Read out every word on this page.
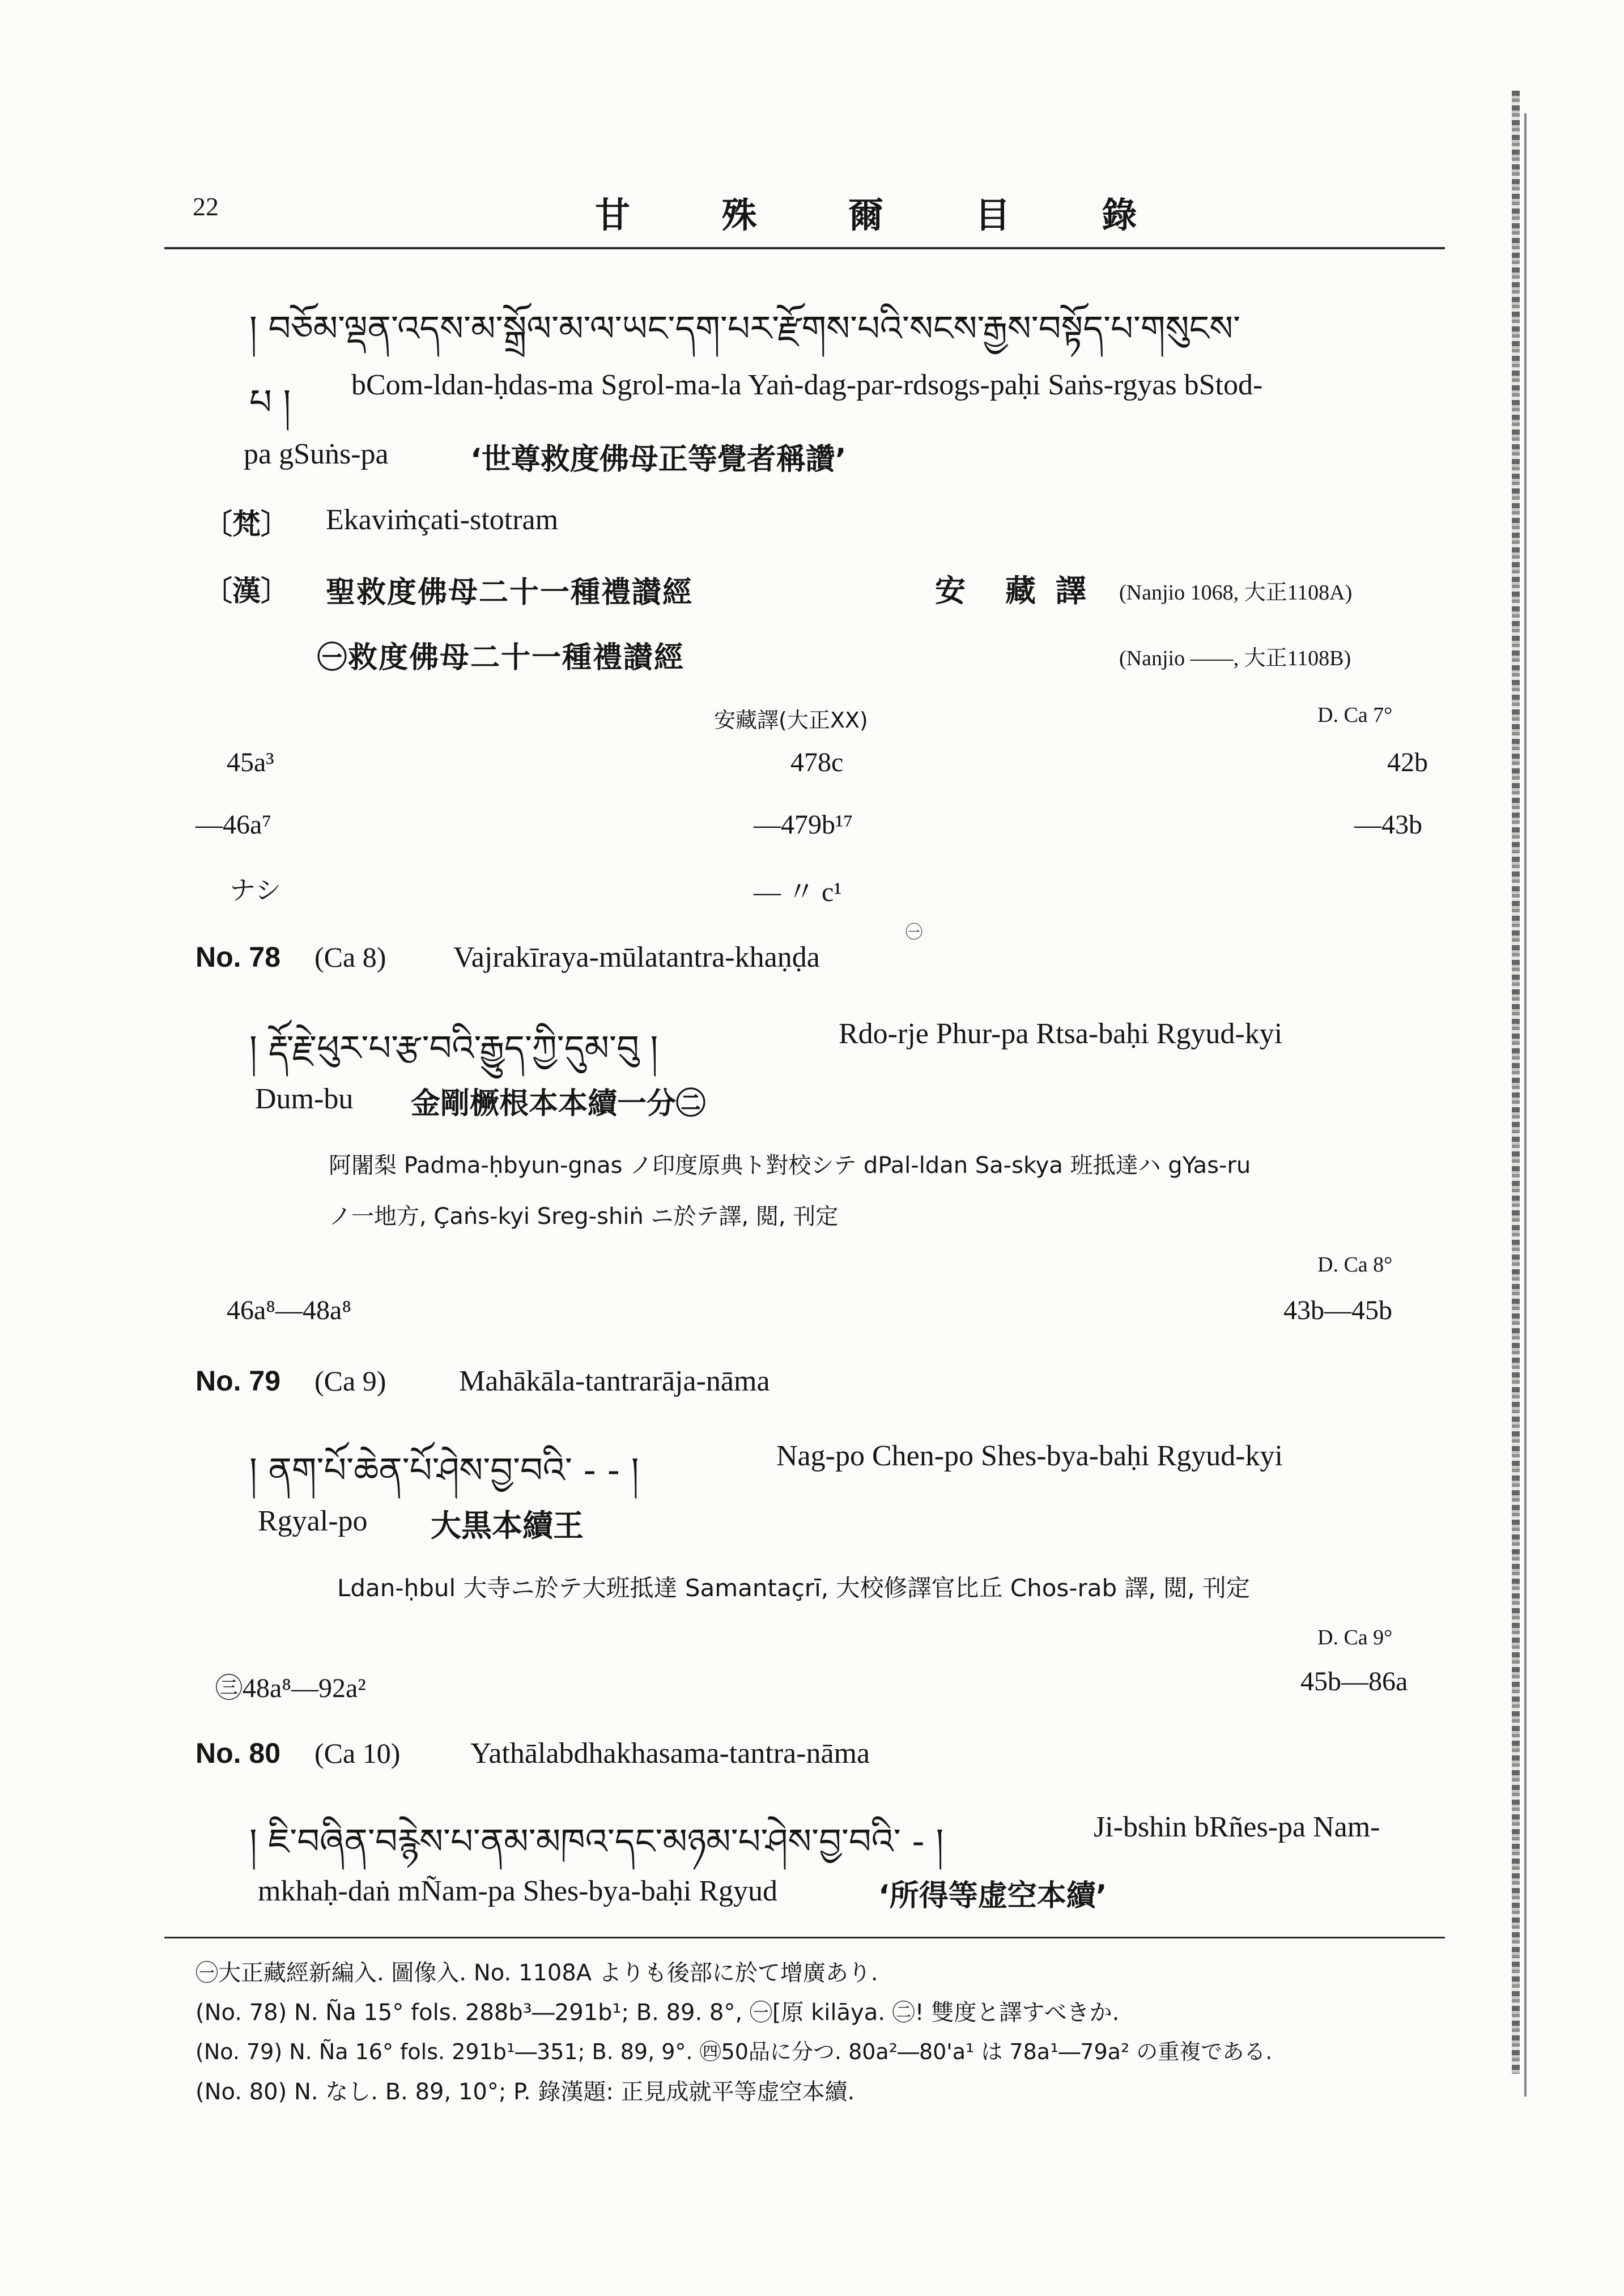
22	甘 殊 爾 目 錄
། བཅོམ་ལྡན་འདས་མ་སྒྲོལ་མ་ལ་ཡང་དག་པར་རྫོགས་པའི་སངས་རྒྱས་བསྟོད་པ་གསུངས་
པ ། bCom-ldan-ḥdas-ma Sgrol-ma-la Yaṅ-dag-par-rdsogs-paḥi Saṅs-rgyas bStod-
pa gSuṅs-pa	‘世尊救度佛母正等覺者稱讚’
〔梵〕 Ekaviṁçati-stotram
〔漢〕 聖救度佛母二十一種禮讃經	安　藏 譯 (Nanjio 1068, 大正1108A)
㊀救度佛母二十一種禮讃經	(Nanjio ――, 大正1108B)
安藏譯(大正XX)	D. Ca 7°
45a³	478c	42b
―46a⁷	―479b¹⁷	―43b
ナシ	― 〃 c¹
㊀
No. 78 (Ca 8) Vajrakīraya-mūlatantra-khaṇḍa
། རྡོ་རྗེ་ཕུར་པ་རྩ་བའི་རྒྱུད་ཀྱི་དུམ་བུ །	Rdo-rje Phur-pa Rtsa-baḥi Rgyud-kyi
Dum-bu 金剛橛根本本續一分㊁
阿闍梨 Padma-ḥbyun-gnas ノ印度原典ト對校シテ dPal-ldan Sa-skya 班抵達ハ gYas-ru
ノ一地方, Çaṅs-kyi Sreg-shiṅ ニ於テ譯, 閲, 刊定
D. Ca 8°
46a⁸―48a⁸	43b―45b
No. 79 (Ca 9) Mahākāla-tantrarāja-nāma
། ནག་པོ་ཆེན་པོ་ཤེས་བྱ་བའི་ - - །	Nag-po Chen-po Shes-bya-baḥi Rgyud-kyi
Rgyal-po 大黒本續王
Ldan-ḥbul 大寺ニ於テ大班抵達 Samantaçrī, 大校修譯官比丘 Chos-rab 譯, 閲, 刊定
D. Ca 9°
㊂48a⁸―92a²	45b―86a
No. 80 (Ca 10) Yathālabdhakhasama-tantra-nāma
། ཇི་བཞིན་བརྙེས་པ་ནམ་མཁའ་དང་མཉམ་པ་ཤེས་བྱ་བའི་ - །	Ji-bshin bRñes-pa Nam-
mkhaḥ-daṅ mÑam-pa Shes-bya-baḥi Rgyud	‘所得等虚空本續’
㊀大正藏經新編入. 圖像入. No. 1108A よりも後部に於て增廣あり.
(No. 78) N. Ña 15° fols. 288b³―291b¹; B. 89. 8°, ㊀[原 kilāya. ㊁! 雙度と譯すべきか.
(No. 79) N. Ña 16° fols. 291b¹―351; B. 89, 9°. ㊃50品に分つ. 80a²―80'a¹ は 78a¹―79a² の重複である.
(No. 80) N. なし. B. 89, 10°; P. 錄漢題: 正見成就平等虚空本續.
